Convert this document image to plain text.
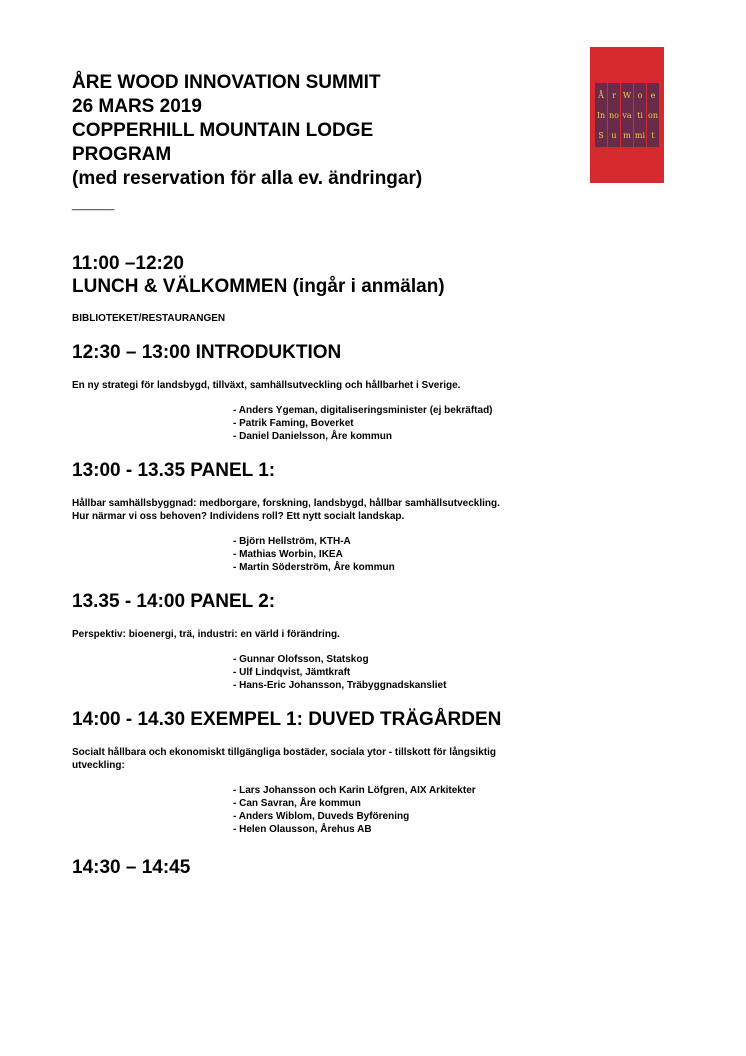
ÅRE WOOD INNOVATION SUMMIT
26 MARS 2019
COPPERHILL MOUNTAIN LODGE
PROGRAM
(med reservation för alla ev. ändringar)
____
Å
In
S
r
no
u
W
va
m
o
ti
mi
e
on
t
11:00 –12:20
LUNCH & VÄLKOMMEN (ingår i anmälan)
BIBLIOTEKET/RESTAURANGEN
12:30 – 13:00 INTRODUKTION
En ny strategi för landsbygd, tillväxt, samhällsutveckling och hållbarhet i Sverige.
- Anders Ygeman, digitaliseringsminister (ej bekräftad)
- Patrik Faming, Boverket
- Daniel Danielsson, Åre kommun
13:00 - 13.35 PANEL 1:
Hållbar samhällsbyggnad: medborgare, forskning, landsbygd, hållbar samhällsutveckling.
Hur närmar vi oss behoven? Individens roll? Ett nytt socialt landskap.
- Björn Hellström, KTH-A
- Mathias Worbin, IKEA
- Martin Söderström, Åre kommun
13.35 - 14:00 PANEL 2:
Perspektiv: bioenergi, trä, industri: en värld i förändring.
- Gunnar Olofsson, Statskog
- Ulf Lindqvist, Jämtkraft
- Hans-Eric Johansson, Träbyggnadskansliet
14:00 - 14.30 EXEMPEL 1: DUVED TRÄGÅRDEN
Socialt hållbara och ekonomiskt tillgängliga bostäder, sociala ytor - tillskott för långsiktig
utveckling:
- Lars Johansson och Karin Löfgren, AIX Arkitekter
- Can Savran, Åre kommun
- Anders Wiblom, Duveds Byförening
- Helen Olausson, Årehus AB
14:30 – 14:45
